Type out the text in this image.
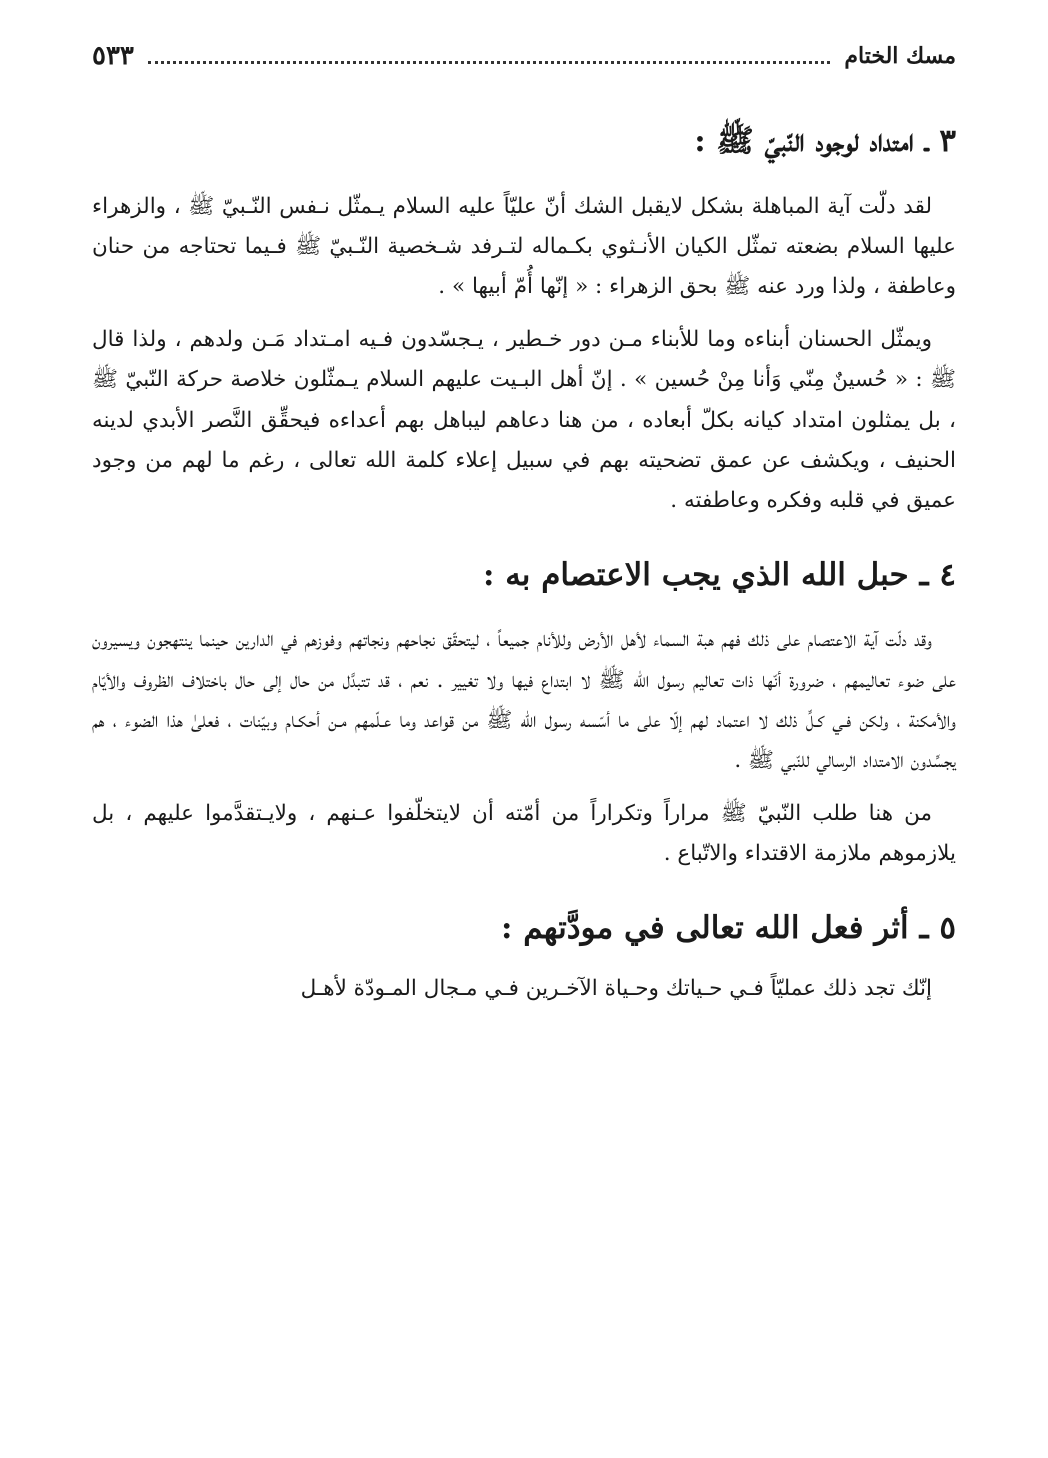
مسك الختام
٥٣٣
٣ ـ امتداد لوجود النّبيّ ﷺ :

لقد دلّت آية المباهلة بشكل لايقبل الشك أنّ عليّاً عليه السلام يـمثّل نـفس النّـبيّ ﷺ ، والزهراء عليها السلام بضعته تمثّل الكيان الأنـثوي بكـماله لتـرفد شـخصية النّـبيّ ﷺ فـيما تحتاجه من حنان وعاطفة ، ولذا ورد عنه ﷺ بحق الزهراء : « إنّها أُمّ أبيها » .

ويمثّل الحسنان أبناءه وما للأبناء مـن دور خـطير ، يـجسّدون فـيه امـتداد مَـن ولدهم ، ولذا قال ﷺ : « حُسينٌ مِنّي وَأنا مِنْ حُسين » . إنّ أهل البـيت عليهم السلام يـمثّلون خلاصة حركة النّبيّ ﷺ ، بل يمثلون امتداد كيانه بكلّ أبعاده ، من هنا دعاهم ليباهل بهم أعداءه فيحقِّق النَّصر الأبدي لدينه الحنيف ، ويكشف عن عمق تضحيته بهم في سبيل إعلاء كلمة الله تعالى ، رغم ما لهم من وجود عميق في قلبه وفكره وعاطفته .

٤ ـ حبل الله الذي يجب الاعتصام به :

وقد دلّت آية الاعتصام على ذلك فهم هبة السماء لأهل الأرض وللأنام جميعاً ، ليتحقّق نجاحهم ونجاتهم وفوزهم في الدارين حينما ينتهجون ويسيرون على ضوء تعاليمهم ، ضرورة أنّها ذات تعاليم رسول الله ﷺ لا ابتداع فيها ولا تغيير . نعم ، قد تتبدَّل من حال إلى حال باختلاف الظروف والأيّام والأمكنة ، ولكن فـي كـلِّ ذلك لا اعتماد لهم إلّا على ما أسّسه رسول الله ﷺ من قواعد وما عـلّمهم مـن أحكـام وبيّنات ، فعلىٰ هذا الضوء ، هم يجسِّدون الامتداد الرسالي للنّبي ﷺ .

من هنا طلب النّبيّ ﷺ مراراً وتكراراً من أمّته أن لايتخلّفوا عـنهم ، ولايـتقدَّموا عليهم ، بل يلازموهم ملازمة الاقتداء والاتّباع .

٥ ـ أثر فعل الله تعالى في مودَّتهم :

إنّك تجد ذلك عمليّاً فـي حـياتك وحـياة الآخـرين فـي مـجال المـودّة لأهـل
